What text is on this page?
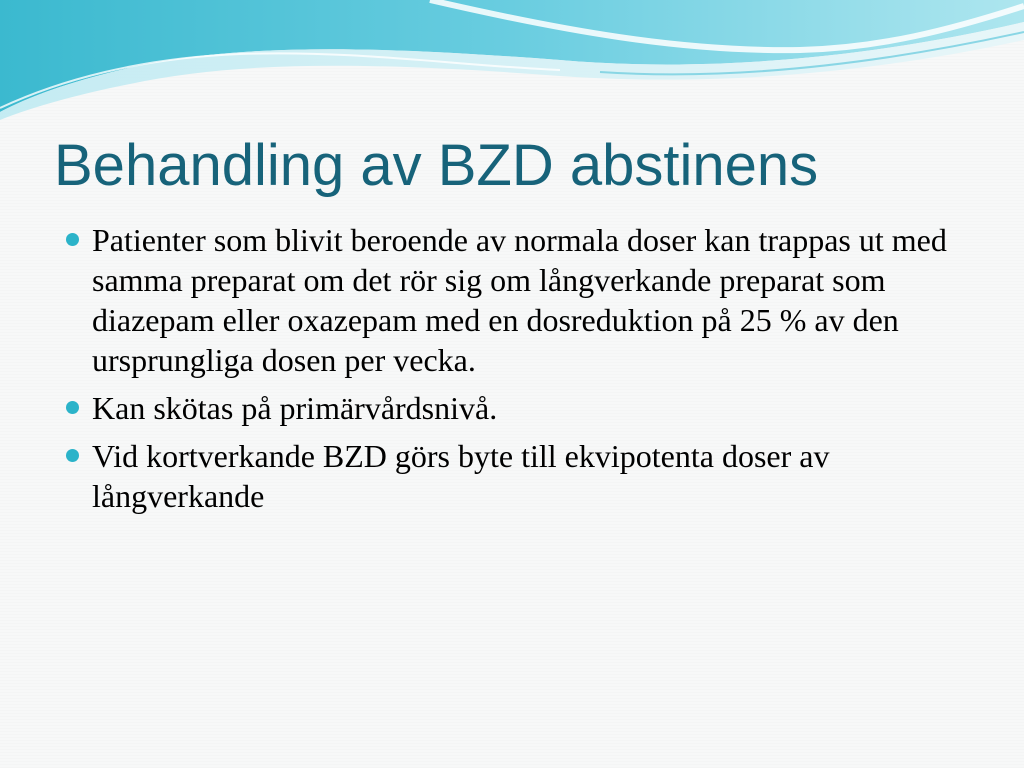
Behandling av BZD abstinens
Patienter som blivit beroende av normala doser kan trappas ut med samma preparat om det rör sig om långverkande preparat som diazepam eller oxazepam med en dosreduktion på 25 % av den ursprungliga dosen per vecka.
Kan skötas på primärvårdsnivå.
Vid kortverkande BZD görs byte till ekvipotenta doser av långverkande
